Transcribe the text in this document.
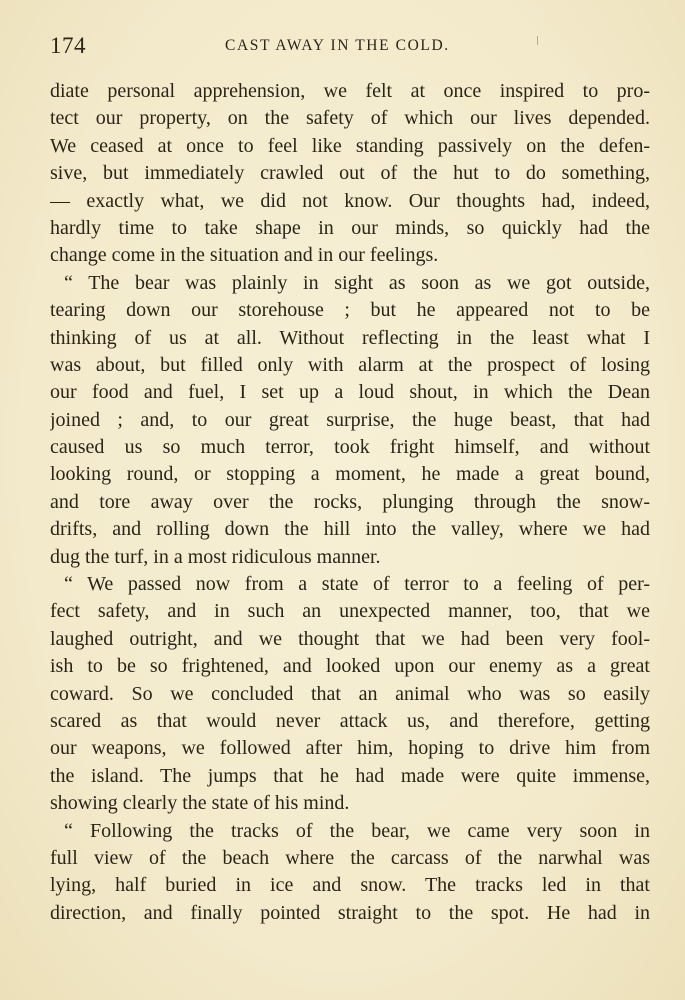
174	CAST AWAY IN THE COLD.
diate personal apprehension, we felt at once inspired to pro-
tect our property, on the safety of which our lives depended.
We ceased at once to feel like standing passively on the defen-
sive, but immediately crawled out of the hut to do something,
— exactly what, we did not know. Our thoughts had, indeed,
hardly time to take shape in our minds, so quickly had the
change come in the situation and in our feelings.
“ The bear was plainly in sight as soon as we got outside,
tearing down our storehouse ; but he appeared not to be
thinking of us at all. Without reflecting in the least what I
was about, but filled only with alarm at the prospect of losing
our food and fuel, I set up a loud shout, in which the Dean
joined ; and, to our great surprise, the huge beast, that had
caused us so much terror, took fright himself, and without
looking round, or stopping a moment, he made a great bound,
and tore away over the rocks, plunging through the snow-
drifts, and rolling down the hill into the valley, where we had
dug the turf, in a most ridiculous manner.
“ We passed now from a state of terror to a feeling of per-
fect safety, and in such an unexpected manner, too, that we
laughed outright, and we thought that we had been very fool-
ish to be so frightened, and looked upon our enemy as a great
coward. So we concluded that an animal who was so easily
scared as that would never attack us, and therefore, getting
our weapons, we followed after him, hoping to drive him from
the island. The jumps that he had made were quite immense,
showing clearly the state of his mind.
“ Following the tracks of the bear, we came very soon in
full view of the beach where the carcass of the narwhal was
lying, half buried in ice and snow. The tracks led in that
direction, and finally pointed straight to the spot. He had in
